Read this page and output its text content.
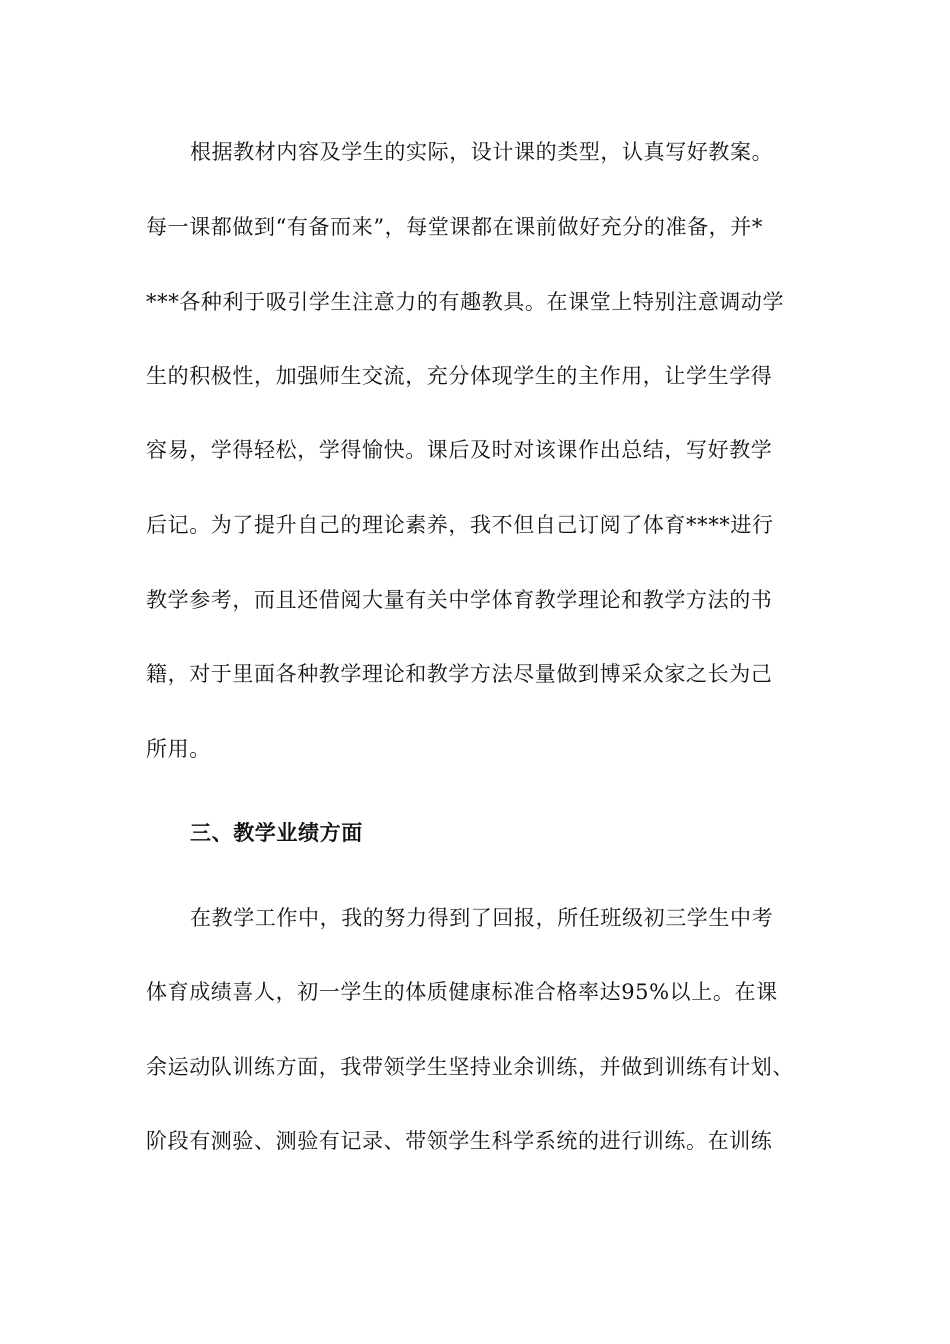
根据教材内容及学生的实际，设计课的类型，认真写好教案。
每一课都做到“有备而来”，每堂课都在课前做好充分的准备，并*
***各种利于吸引学生注意力的有趣教具。在课堂上特别注意调动学
生的积极性，加强师生交流，充分体现学生的主作用，让学生学得
容易，学得轻松，学得愉快。课后及时对该课作出总结，写好教学
后记。为了提升自己的理论素养，我不但自己订阅了体育****进行
教学参考，而且还借阅大量有关中学体育教学理论和教学方法的书
籍，对于里面各种教学理论和教学方法尽量做到博采众家之长为己
所用。
三、教学业绩方面
在教学工作中，我的努力得到了回报，所任班级初三学生中考
体育成绩喜人，初一学生的体质健康标准合格率达95%以上。在课
余运动队训练方面，我带领学生坚持业余训练，并做到训练有计划、
阶段有测验、测验有记录、带领学生科学系统的进行训练。在训练
